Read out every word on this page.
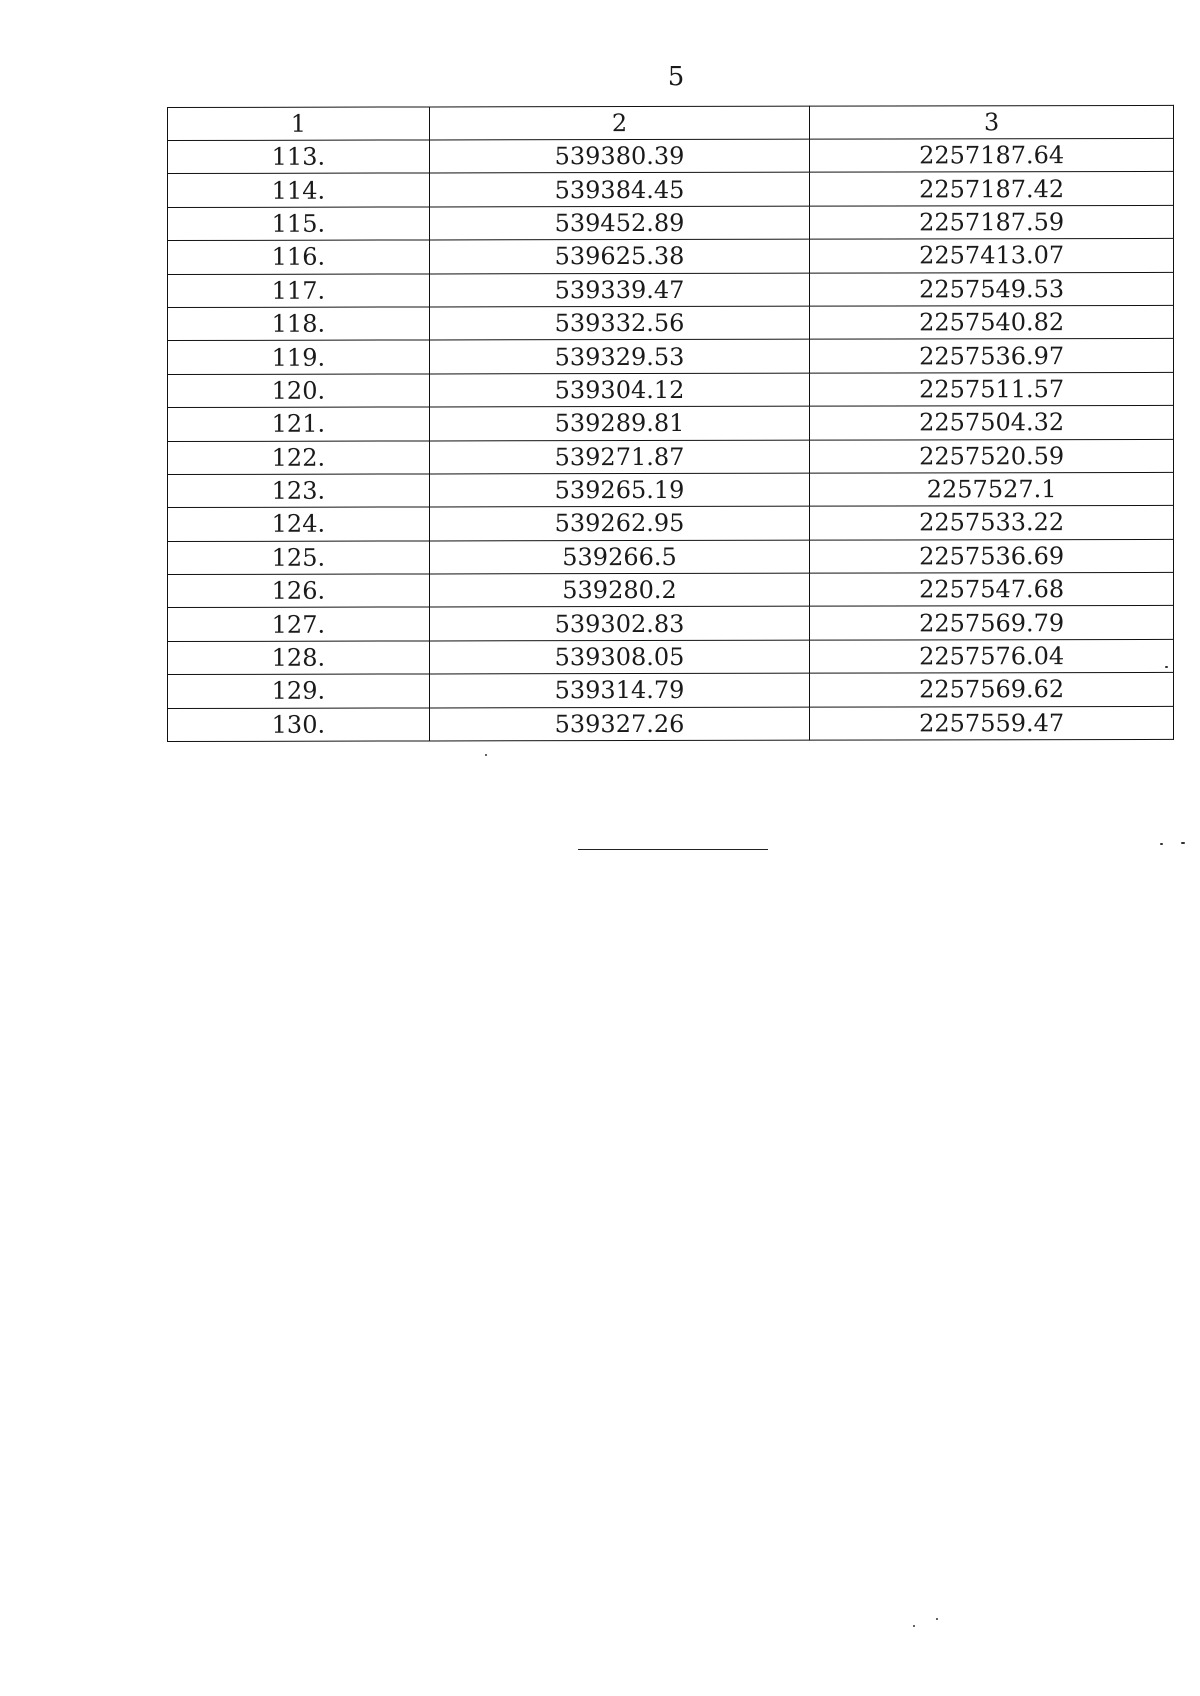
5
1	2	3
113.	539380.39	2257187.64
114.	539384.45	2257187.42
115.	539452.89	2257187.59
116.	539625.38	2257413.07
117.	539339.47	2257549.53
118.	539332.56	2257540.82
119.	539329.53	2257536.97
120.	539304.12	2257511.57
121.	539289.81	2257504.32
122.	539271.87	2257520.59
123.	539265.19	2257527.1
124.	539262.95	2257533.22
125.	539266.5	2257536.69
126.	539280.2	2257547.68
127.	539302.83	2257569.79
128.	539308.05	2257576.04
129.	539314.79	2257569.62
130.	539327.26	2257559.47
